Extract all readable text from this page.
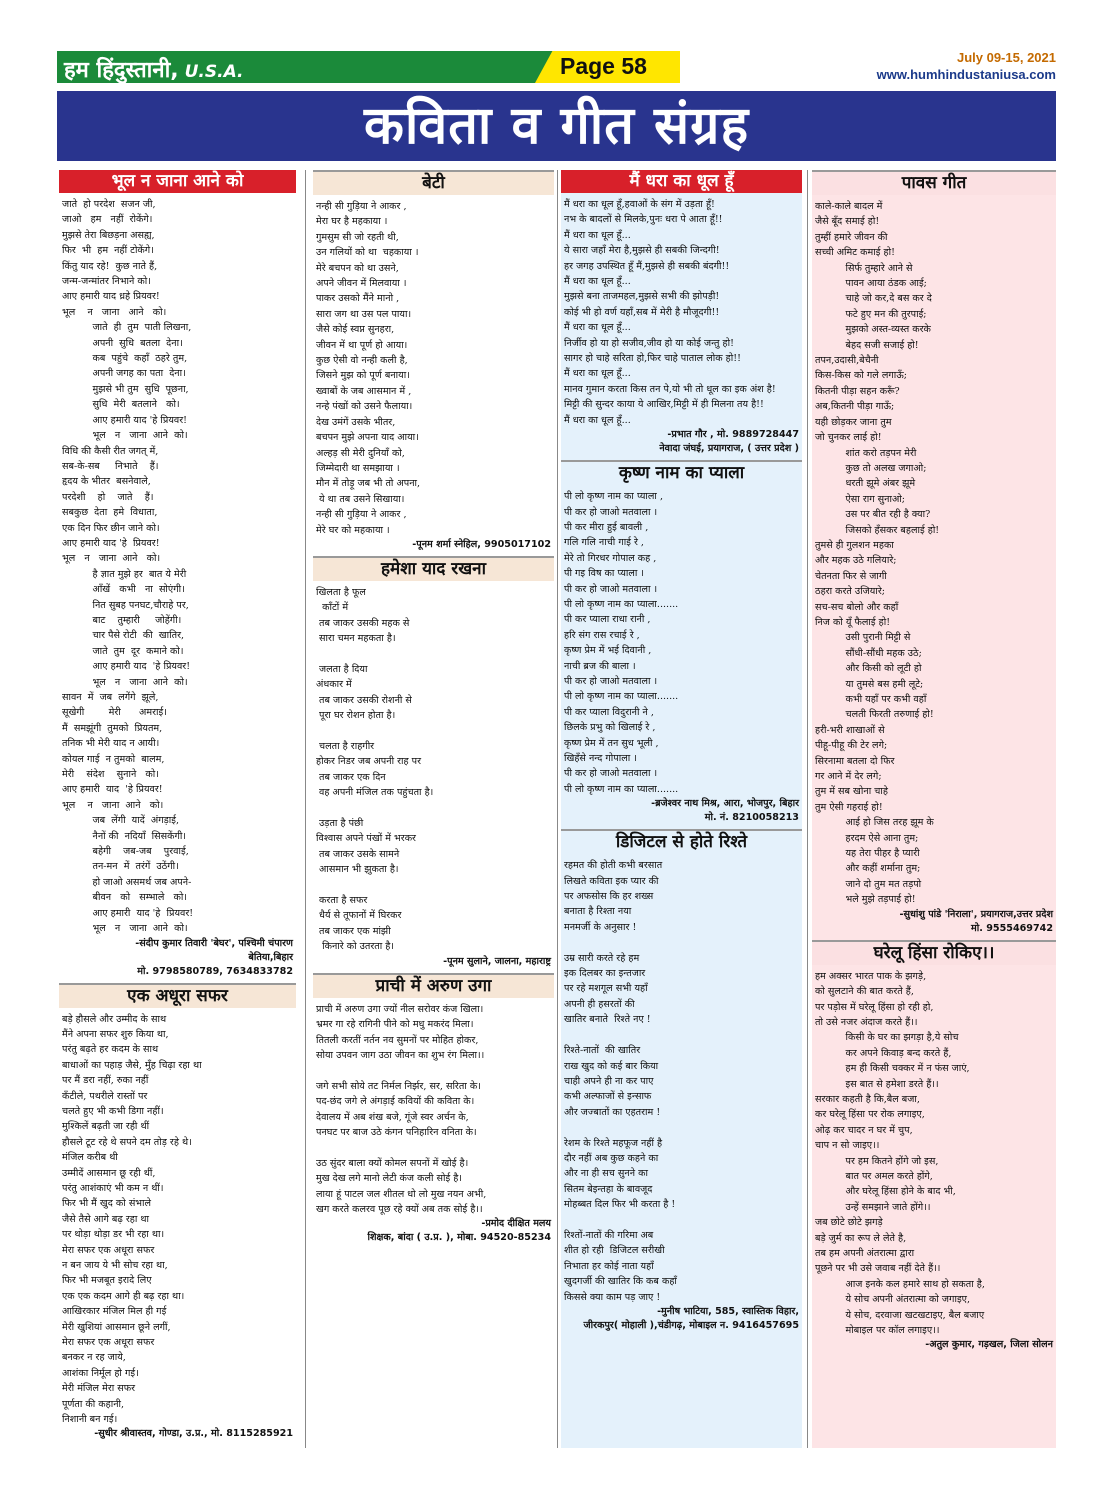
हम हिंदुस्तानी, U.S.A.	Page 58	July 09-15, 2021
www.humhindustaniusa.com
कविता व गीत संग्रह
भूल न जाना आने को
जाते  हो परदेश  सजन जी,
जाओ   हम   नहीं  रोकेंगे।
मुझसे तेरा बिछड़ना असह्य,
फिर  भी  हम  नहीं टोकेंगे।
किंतु याद रहे!  कुछ नाते हैं,
जन्म-जन्मांतर निभाने को।
आए हमारी याद ध्रहे प्रियवर!
भूल    न   जाना   आने   को।
जाते  ही  तुम  पाती लिखना,
अपनी  सुधि  बतला  देना।
कब  पहुंचे  कहाँ  ठहरे तुम,
अपनी जगह का पता  देना।
मुझसे भी तुम  सुधि  पूछना,
सुधि  मेरी  बतलाने   को।
आए हमारी याद 'हे प्रियवर!
भूल   न   जाना  आने  को।
विधि की कैसी रीत जगत् में,
सब-के-सब     निभाते    हैं।
हृदय के भीतर  बसनेवाले,
परदेशी    हो    जाते    हैं।
सबकुछ  देता  हमे  विधाता,
एक दिन फिर छीन जाने को।
आए हमारी याद 'हे  प्रियवर!
भूल   न   जाना  आने   को।
है ज्ञात मुझे हर  बात ये मेरी
आँखें   कभी   ना  सोएंगी।
नित सुबह पनघट,चौराहे पर,
बाट    तुम्हारी     जोहेंगी।
चार पैसे रोटी  की  खातिर,
जाते  तुम  दूर  कमाने को।
आए हमारी याद  'हे प्रियवर!
भूल   न   जाना  आने  को।
सावन  में  जब  लगेंगे  झूले,
सूखेगी        मेरी      अमराई।
मैं  समझूंगी  तुमको  प्रियतम,
तनिक भी मेरी याद न आयी।
कोयल गाई  न तुमको  बालम,
मेरी    संदेश    सुनाने   को।
आए हमारी  याद  'हे प्रियवर!
भूल    न   जाना  आने   को।
जब  लेंगी  यादें  अंगड़ाई,
नैनों की  नदियाँ  सिसकेंगी।
बहेगी    जब-जब    पुरवाई,
तन-मन  में  तरंगें  उठेंगी।
हो जाओ असमर्थ जब अपने-
बीवन   को   सम्भाले   को।
आए हमारी  याद 'हे  प्रियवर!
भूल   न   जाना  आने  को।
-संदीप कुमार तिवारी 'बेघर', पश्चिमी चंपारण
बेतिया,बिहार
मो. 9798580789, 7634833782
एक अधूरा सफर
बड़े हौसले और उम्मीद के साथ
मैंने अपना सफर शुरु किया था,
परंतु बढ़ते हर कदम के साथ
बाधाओं का पहाड़ जैसे, मुँह चिढ़ा रहा था
पर मैं डरा नहीं, रुका नहीं
कँटीले, पथरीले रास्तों पर
चलते हुए भी कभी डिगा नहीं।
मुश्किलें बढ़ती जा रही थीं
हौसले टूट रहे थे सपने दम तोड़ रहे थे।
मंजिल करीब थी
उम्मीदें आसमान छू रही थीं,
परंतु आशंकाएं भी कम न थीं।
फिर भी मैं खुद को संभाले
जैसे तैसे आगे बढ़ रहा था
पर थोड़ा थोड़ा डर भी रहा था।
मेरा सफर एक अधूरा सफर
न बन जाय ये भी सोच रहा था,
फिर भी मजबूत इरादे लिए
एक एक कदम आगे ही बढ़ रहा था।
आखिरकार मंजिल मिल ही गई
मेरी खुशियां आसमान छूने लगीं,
मेरा सफर एक अधूरा सफर
बनकर न रह जाये,
आशंका निर्मूल हो गई।
मेरी मंजिल मेरा सफर
पूर्णता की कहानी,
निशानी बन गई।
-सुधीर श्रीवास्तव, गोण्डा, उ.प्र., मो. 8115285921
बेटी
नन्ही सी गुड़िया ने आकर ,
मेरा घर है महकाया ।
गुमसुम सी जो रहती थी,
उन गलियों को था  चहकाया ।
मेरे बचपन को था उसने,
अपने जीवन में मिलवाया ।
पाकर उसको मैंने मानो ,
सारा जग था उस पल पाया।
जैसे कोई स्वप्न सुनहरा,
जीवन में था पूर्ण हो आया।
कुछ ऐसी वो नन्ही कली है,
जिसने मुझ को पूर्ण बनाया।
ख्वाबों के जब आसमान में ,
नन्हे पंखों को उसने फैलाया।
देख उमंगें उसके भीतर,
बचपन मुझे अपना याद आया।
अल्हड़ सी मेरी दुनियाँ को,
जिम्मेदारी था समझाया ।
मौन में तोड़ू जब भी तो अपना,
ये था तब उसने सिखाया।
नन्ही सी गुड़िया ने आकर ,
मेरे घर को महकाया ।
-पूनम शर्मा स्नेहिल, 9905017102
हमेशा याद रखना
खिलता है फूल
काँटों में
तब जाकर उसकी महक से
सारा चमन महकता है।

जलता है दिया
अंधकार में
तब जाकर उसकी रोशनी से
पूरा घर रोशन होता है।

चलता है राहगीर
होकर निडर जब अपनी राह पर
तब जाकर एक दिन
वह अपनी मंजिल तक पहुंचता है।

उड़ता है पंछी
विश्वास अपने पंखों में भरकर
तब जाकर उसके सामने
आसमान भी झुकता है।

करता है सफर
धैर्य से तूफानों में घिरकर
तब जाकर एक मांझी
किनारे को उतरता है।
-पूनम सुलाने, जालना, महाराष्ट्र
प्राची में अरुण उगा
प्राची में अरुण उगा ज्यों नील सरोवर कंज खिला।
भ्रमर गा रहे रागिनी पीने को मधु मकरंद मिला।
तितली करतीं नर्तन नव सुमनों पर मोहित होकर,
सोया उपवन जाग उठा जीवन का शुभ रंग मिला।।

जगे सभी सोये तट निर्मल निर्झर, सर, सरिता के।
पद-छंद जगे ले अंगड़ाई कवियों की कविता के।
देवालय में अब शंख बजे, गूंजे स्वर अर्चन के,
पनघट पर बाज उठे कंगन पनिहारिन वनिता के।

उठ सुंदर बाला क्यों कोमल सपनों में खोई है।
मुख देख लगे मानो लेटी कंज कली सोई है।
लाया हूं पाटल जल शीतल धो लो मुख नयन अभी,
खग करते कलरव पूछ रहे क्यों अब तक सोई है।।
-प्रमोद दीक्षित मलय
शिक्षक, बांदा ( उ.प्र. ), मोबा. 94520-85234
मैं धरा का धूल हूँ
मैं धरा का धूल हूँ,हवाओं के संग में उड़ता हूँ!
नभ के बादलों से मिलके,पुनः धरा पे आता हूँ!!
मैं धरा का धूल हूँ...
ये सारा जहाँ मेरा है,मुझसे ही सबकी जिन्दगी!
हर जगह उपस्थित हूँ मैं,मुझसे ही सबकी बंदगी!!
मैं धरा का धूल हूँ...
मुझसे बना ताजमहल,मुझसे सभी की झोपड़ी!
कोई भी हो वर्ण यहाँ,सब में मेरी है मौजूदगी!!
मैं धरा का धूल हूँ...
निर्जीव हो या हो सजीव,जीव हो या कोई जन्तु हो!
सागर हो चाहे सरिता हो,फिर चाहे पाताल लोक हो!!
मैं धरा का धूल हूँ...
मानव गुमान करता किस तन पे,यो भी तो धूल का इक अंश है!
मिट्टी की सुन्दर काया ये आखिर,मिट्टी में ही मिलना तय है!!
मैं धरा का धूल हूँ...
-प्रभात गौर , मो. 9889728447
नेवादा जंघई, प्रयागराज, ( उत्तर प्रदेश )
कृष्ण नाम का प्याला
पी लो कृष्ण नाम का प्याला ,
पी कर हो जाओ मतवाला ।
पी कर मीरा हुई बावली ,
गलि गलि नाची गाई रे ,
मेरे तो गिरधर गोपाल कह ,
पी गइ विष का प्याला ।
पी कर हो जाओ मतवाला ।
पी लो कृष्ण नाम का प्याला.......
पी कर प्याला राधा रानी ,
हरि संग रास रचाई रे ,
कृष्ण प्रेम में भई दिवानी ,
नाची ब्रज की बाला ।
पी कर हो जाओ मतवाला ।
पी लो कृष्ण नाम का प्याला.......
पी कर प्याला विदुरानी ने ,
छिलके प्रभु को खिलाई रे ,
कृष्ण प्रेम में तन सुध भूली ,
खिहँसे नन्द गोपाला ।
पी कर हो जाओ मतवाला ।
पी लो कृष्ण नाम का प्याला.......
-ब्रजेश्वर नाथ मिश्र, आरा, भोजपुर, बिहार
मो. नं. 8210058213
डिजिटल से होते रिश्ते
रहमत की होती कभी बरसात
लिखते कविता इक प्यार की
पर अफसोस कि हर शख्स
बनाता है रिश्ता नया
मनमर्जी के अनुसार !

उम्र सारी करते रहे हम
इक दिलबर का इन्तजार
पर रहे मशगूल सभी यहाँ
अपनी ही हसरतों की
खातिर बनाते  रिश्ते नए !

रिश्ते-नातों  की खातिर
राख खुद को कई बार किया
चाही अपने ही ना कर पाए
कभी अल्फाजों से इन्साफ
और जज्बातों का एहतराम !

रेशम के रिश्ते महफूज नहीं है
दौर नहीं अब कुछ कहने का
और ना ही सच सुनने का
सितम बेइन्तहा के बावजूद
मोहब्बत दिल फिर भी करता है !

रिश्तों-नातों की गरिमा अब
शीत हो रही  डिजिटल सरीखी
निभाता हर कोई नाता यहाँ
खुदगर्जी की खातिर कि कब कहाँ
किससे क्या काम पड़ जाए !
-मुनीष भाटिया, 585, स्वास्तिक विहार,
जीरकपुर( मोहाली ),चंडीगढ़, मोबाइल न. 9416457695
पावस गीत
काले-काले बादल में
जैसे बूँद समाई हो!
तुम्हीं हमारे जीवन की
सच्ची अमिट कमाई हो!
सिर्फ तुम्हारे आने से
पावन आया ठंडक आई;
चाहे जो कर,दे बस कर दे
फटे हुए मन की तुरपाई;
मुझको अस्त-व्यस्त करके
बेहद सजी सजाई हो!
तपन,उदासी,बेचैनी
किस-किस को गले लगाऊँ;
कितनी पीड़ा सहन करूँ?
अब,कितनी पीड़ा गाऊँ;
यही छोड़कर जाना तुम
जो चुनकर लाई हो!
शांत करो तड़पन मेरी
कुछ तो अलख जगाओ;
धरती झूमे अंबर झूमे
ऐसा राग सुनाओ;
उस पर बीत रही है क्या?
जिसको हँसकर बहलाई हो!
तुमसे ही गुलशन महका
और महक उठे गलियारे;
चेतनता फिर से जागी
ठहरा करते उजियारे;
सच-सच बोलो और कहाँ
निज को यूँ फैलाई हो!
उसी पुरानी मिट्टी से
सौंधी-सौंधी महक उठे;
और किसी को लूटी हो
या तुमसे बस हमी लूटे;
कभी यहाँ पर कभी वहाँ
चलती फिरती तरुणाई हो!
हरी-भरी शाखाओं से
पीहू-पीहू की टेर लगे;
सिरनामा बतला दो फिर
गर आने में देर लगे;
तुम में सब खोना चाहे
तुम ऐसी गहराई हो!
आई हो जिस तरह झूम के
हरदम ऐसे आना तुम;
यह तेरा पीहर है प्यारी
और कहीं शर्माना तुम;
जाने दो तुम मत तड़पो
भले मुझे तड़पाई हो!
-सुधांशु पांडे 'निराला', प्रयागराज,उत्तर प्रदेश
मो. 9555469742
घरेलू हिंसा रोकिए।।
हम अक्सर भारत पाक के झगड़े,
को सुलटाने की बात करते हैं,
पर पड़ोस में घरेलू हिंसा हो रही हो,
तो उसे नजर अंदाज करते हैं।।
किसी के घर का झगड़ा है,ये सोच
कर अपने किवाड़ बन्द करते हैं,
हम ही किसी चक्कर में न फंस जाएं,
इस बात से हमेशा डरते हैं।।
सरकार कहती है कि,बैल बजा,
कर घरेलू हिंसा पर रोक लगाइए,
ओढ़ कर चादर न घर में चुप,
चाप न सो जाइए।।
पर हम कितने होंगे जो इस,
बात पर अमल करते होंगे,
और घरेलू हिंसा होने के बाद भी,
उन्हें समझाने जाते होंगे।।
जब छोटे छोटे झगड़े
बड़े जुर्म का रूप ले लेते है,
तब हम अपनी अंतरात्मा द्वारा
पूछने पर भी उसे जवाब नहीं देते हैं।।
आज इनके कल हमारे साथ हो सकता है,
ये सोच अपनी अंतरात्मा को जगाइए,
ये सोच, दरवाजा खटखटाइए, बैल बजाए
मोबाइल पर कॉल लगाइए।।
-अतुल कुमार, गड़खल, जिला सोलन
